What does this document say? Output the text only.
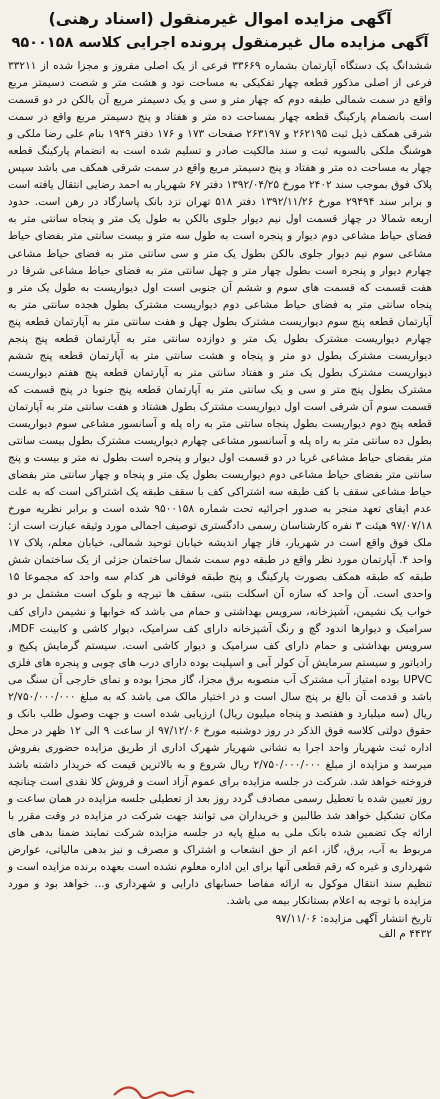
آگهی مزایده اموال غیرمنقول (اسناد رهنی)
آگهی مزایده مال غیرمنقول پرونده اجرایی کلاسه ۹۵۰۰۱۵۸

ششدانگ یک دستگاه آپارتمان بشماره ۳۳۶۶۹ فرعی از یک اصلی مفروز و مجزا شده از ۳۳۲۱۱ فرعی از اصلی مذکور قطعه چهار تفکیکی به مساحت نود و هشت متر و شصت دسیمتر مربع واقع در سمت شمالی طبقه دوم که چهار متر و سی و یک دسیمتر مربع آن بالکن در دو قسمت است بانضمام پارکینگ قطعه چهار بمساحت ده متر و هفتاد و پنج دسیمتر مربع واقع در سمت شرقی همکف ذیل ثبت ۲۶۲۱۹۵ و ۲۶۳۱۹۷ صفحات ۱۷۳ و ۱۷۶ دفتر ۱۹۴۹ بنام علی رضا ملکی و هوشنگ ملکی بالسویه ثبت و سند مالکیت صادر و تسلیم شده است به انضمام پارکینگ قطعه چهار به مساحت ده متر و هفتاد و پنج دسیمتر مربع واقع در سمت شرقی همکف می باشد سپس پلاک فوق بموجب سند ۲۴۰۲ مورخ ۱۳۹۲/۰۴/۲۵ دفتر ۶۷ شهریار به احمد رضایی انتقال یافته است و برابر سند ۲۹۴۹۴ مورخ ۱۳۹۲/۱۱/۲۶ دفتر ۵۱۸ تهران نزد بانک پاسارگاد در رهن است. حدود اربعه شمالا در چهار قسمت اول نیم دیوار جلوی بالکن به طول یک متر و پنجاه سانتی متر به فضای حیاط مشاعی دوم دیوار و پنجره است به طول سه متر و بیست سانتی متر بفضای حیاط مشاعی سوم نیم دیوار جلوی بالکن بطول یک متر و سی سانتی متر به فضای حیاط مشاعی چهارم دیوار و پنجره است بطول چهار متر و چهل سانتی متر به فضای حیاط مشاعی شرقا در هفت قسمت که قسمت های سوم و ششم آن جنوبی است اول دیواریست به طول یک متر و پنجاه سانتی متر به فضای حیاط مشاعی دوم دیواریست مشترک بطول هجده سانتی متر به آپارتمان قطعه پنج سوم دیواریست مشترک بطول چهل و هفت سانتی متر به آپارتمان قطعه پنج چهارم دیواریست مشترک بطول یک متر و دوازده سانتی متر به آپارتمان قطعه پنج پنجم دیواریست مشترک بطول دو متر و پنجاه و هشت سانتی متر به آپارتمان قطعه پنج ششم دیواریست مشترک بطول یک متر و هفتاد سانتی متر به آپارتمان قطعه پنج هفتم دیواریست مشترک بطول پنج متر و سی و یک سانتی متر به آپارتمان قطعه پنج جنوبا در پنج قسمت که قسمت سوم آن شرقی است اول دیواریست مشترک بطول هشتاد و هفت سانتی متر به آپارتمان قطعه پنج دوم دیواریست بطول پنجاه سانتی متر به راه پله و آسانسور مشاعی سوم دیواریست بطول ده سانتی متر به راه پله و آسانسور مشاعی چهارم دیواریست مشترک بطول بیست سانتی متر بفضای حیاط مشاعی غربا در دو قسمت اول دیوار و پنجره است بطول نه متر و بیست و پنج سانتی متر بفضای حیاط مشاعی دوم دیواریست بطول یک متر و پنجاه و چهار سانتی متر بفضای حیاط مشاعی سقف با کف طبقه سه اشتراکی کف با سقف طبقه یک اشتراکی است که به علت عدم ایفای تعهد منجر به صدور اجرائیه تحت شماره ۹۵۰۰۱۵۸ شده است و برابر نظریه مورخ ۹۷/۰۷/۱۸ هیئت ۳ نفره کارشناسان رسمی دادگستری توصیف اجمالی مورد وثیقه عبارت است از: ملک فوق واقع است در شهریار، فاز چهار اندیشه خیابان توحید شمالی، خیابان معلم، پلاک ۱۷ واحد ۴. آپارتمان مورد نظر واقع در طبقه دوم سمت شمال ساختمان جزئی از یک ساختمان شش طبقه که طبقه همکف بصورت پارکینگ و پنج طبقه فوقانی هر کدام سه واحد که مجموعا ۱۵ واحدی است. آن واحد که سازه آن اسکلت بتنی، سقف ها تیرچه و بلوک است مشتمل بر دو خواب یک نشیمن، آشپزخانه، سرویس بهداشتی و حمام می باشد که خوابها و نشیمن دارای کف سرامیک و دیوارها اندود گچ و رنگ آشپزخانه دارای کف سرامیک، دیوار کاشی و کابینت MDF، سرویس بهداشتی و حمام دارای کف سرامیک و دیوار کاشی است. سیستم گرمایش پکیج و رادیاتور و سیستم سرمایش آن کولر آبی و اسپلیت بوده دارای درب های چوبی و پنجره های فلزی UPVC بوده امتیاز آب مشترک آب منصوبه برق مجزا، گاز مجزا بوده و نمای خارجی آن سنگ می باشد و قدمت آن بالغ بر پنج سال است و در اختیار مالک می باشد که به مبلغ ۲/۷۵۰/۰۰۰/۰۰۰ ریال (سه میلیارد و هفتصد و پنجاه میلیون ریال) ارزیابی شده است و جهت وصول طلب بانک و حقوق دولتی کلاسه فوق الذکر در روز دوشنبه مورخ ۹۷/۱۲/۰۶ از ساعت ۹ الی ۱۲ ظهر در محل اداره ثبت شهریار واحد اجرا به نشانی شهریار شهرک اداری از طریق مزایده حضوری بفروش میرسد و مزایده از مبلغ ۲/۷۵۰/۰۰۰/۰۰۰ ریال شروع و به بالاترین قیمت که خریدار داشته باشد فروخته خواهد شد. شرکت در جلسه مزایده برای عموم آزاد است و فروش کلا نقدی است چنانچه روز تعیین شده با تعطیل رسمی مصادف گردد روز بعد از تعطیلی جلسه مزایده در همان ساعت و مکان تشکیل خواهد شد طالبین و خریداران می توانند جهت شرکت در مزایده در وقت مقرر با ارائه چک تضمین شده بانک ملی به مبلغ پایه در جلسه مزایده شرکت نمایند ضمنا بدهی های مربوط به آب، برق، گاز، اعم از حق انشعاب و اشتراک و مصرف و نیز بدهی مالیاتی، عوارض شهرداری و غیره که رقم قطعی آنها برای این اداره معلوم نشده است بعهده برنده مزایده است و تنظیم سند انتقال موکول به ارائه مفاصا حسابهای دارایی و شهرداری و... خواهد بود و مورد مزایده با توجه به اعلام بستانکار بیمه می باشد.

تاریخ انتشار آگهی مزایده: ۹۷/۱۱/۰۶
۴۴۳۲ م الف
